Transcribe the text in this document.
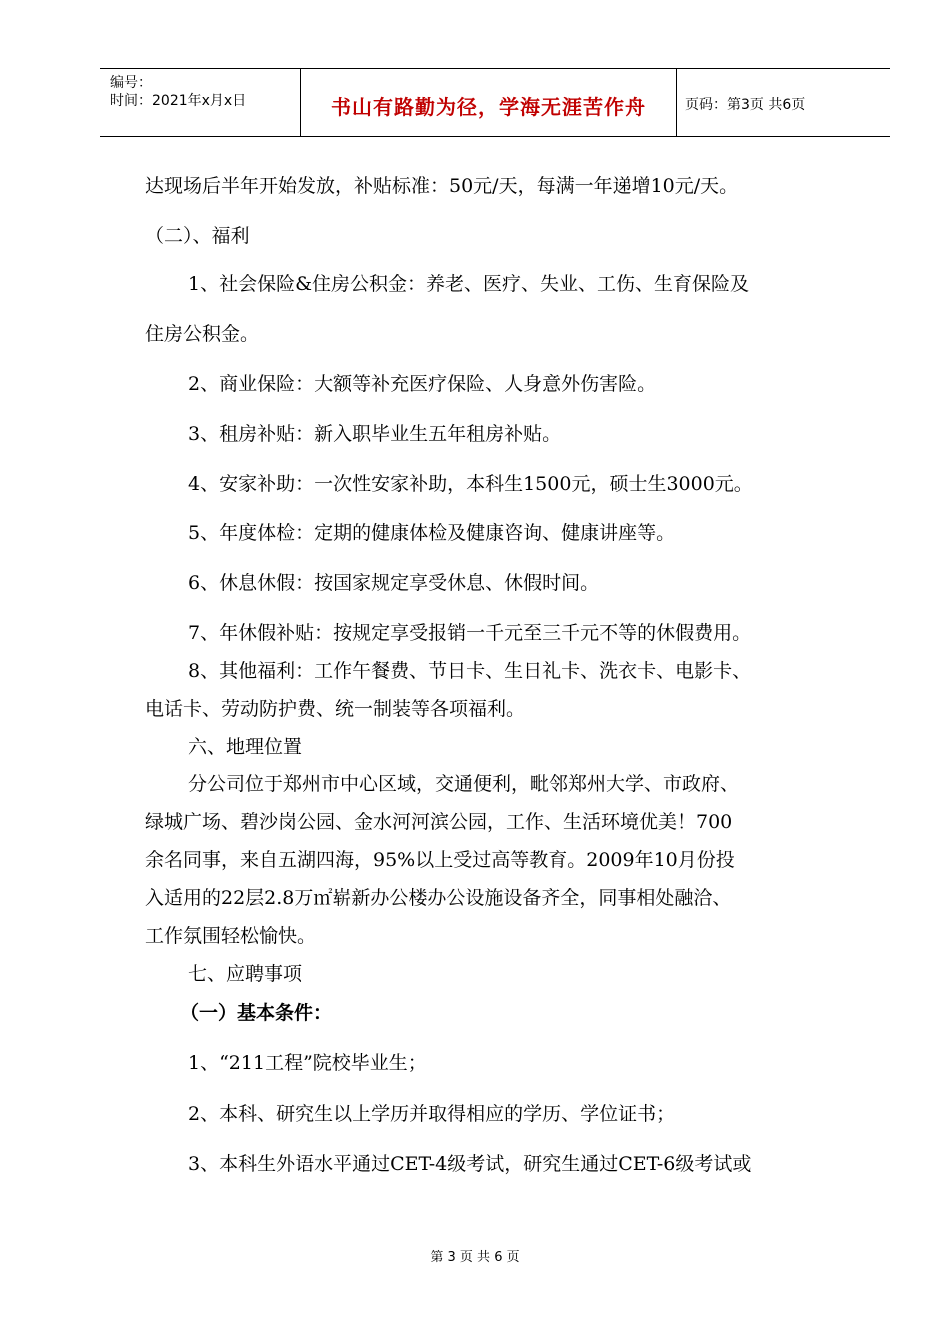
编号：
时间：2021年x月x日	书山有路勤为径，学海无涯苦作舟	页码：第3页 共6页
达现场后半年开始发放，补贴标准：50元/天，每满一年递增10元/天。
（二）、福利
1、社会保险&住房公积金：养老、医疗、失业、工伤、生育保险及
住房公积金。
2、商业保险：大额等补充医疗保险、人身意外伤害险。
3、租房补贴：新入职毕业生五年租房补贴。
4、安家补助：一次性安家补助，本科生1500元，硕士生3000元。
5、年度体检：定期的健康体检及健康咨询、健康讲座等。
6、休息休假：按国家规定享受休息、休假时间。
7、年休假补贴：按规定享受报销一千元至三千元不等的休假费用。
8、其他福利：工作午餐费、节日卡、生日礼卡、洗衣卡、电影卡、
电话卡、劳动防护费、统一制装等各项福利。
六、地理位置
分公司位于郑州市中心区域，交通便利，毗邻郑州大学、市政府、
绿城广场、碧沙岗公园、金水河河滨公园，工作、生活环境优美！700
余名同事，来自五湖四海，95%以上受过高等教育。2009年10月份投
入适用的22层2.8万㎡崭新办公楼办公设施设备齐全，同事相处融洽、
工作氛围轻松愉快。
七、应聘事项
（一）基本条件：
1、“211工程”院校毕业生；
2、本科、研究生以上学历并取得相应的学历、学位证书；
3、本科生外语水平通过CET-4级考试，研究生通过CET-6级考试或
第 3 页 共 6 页
